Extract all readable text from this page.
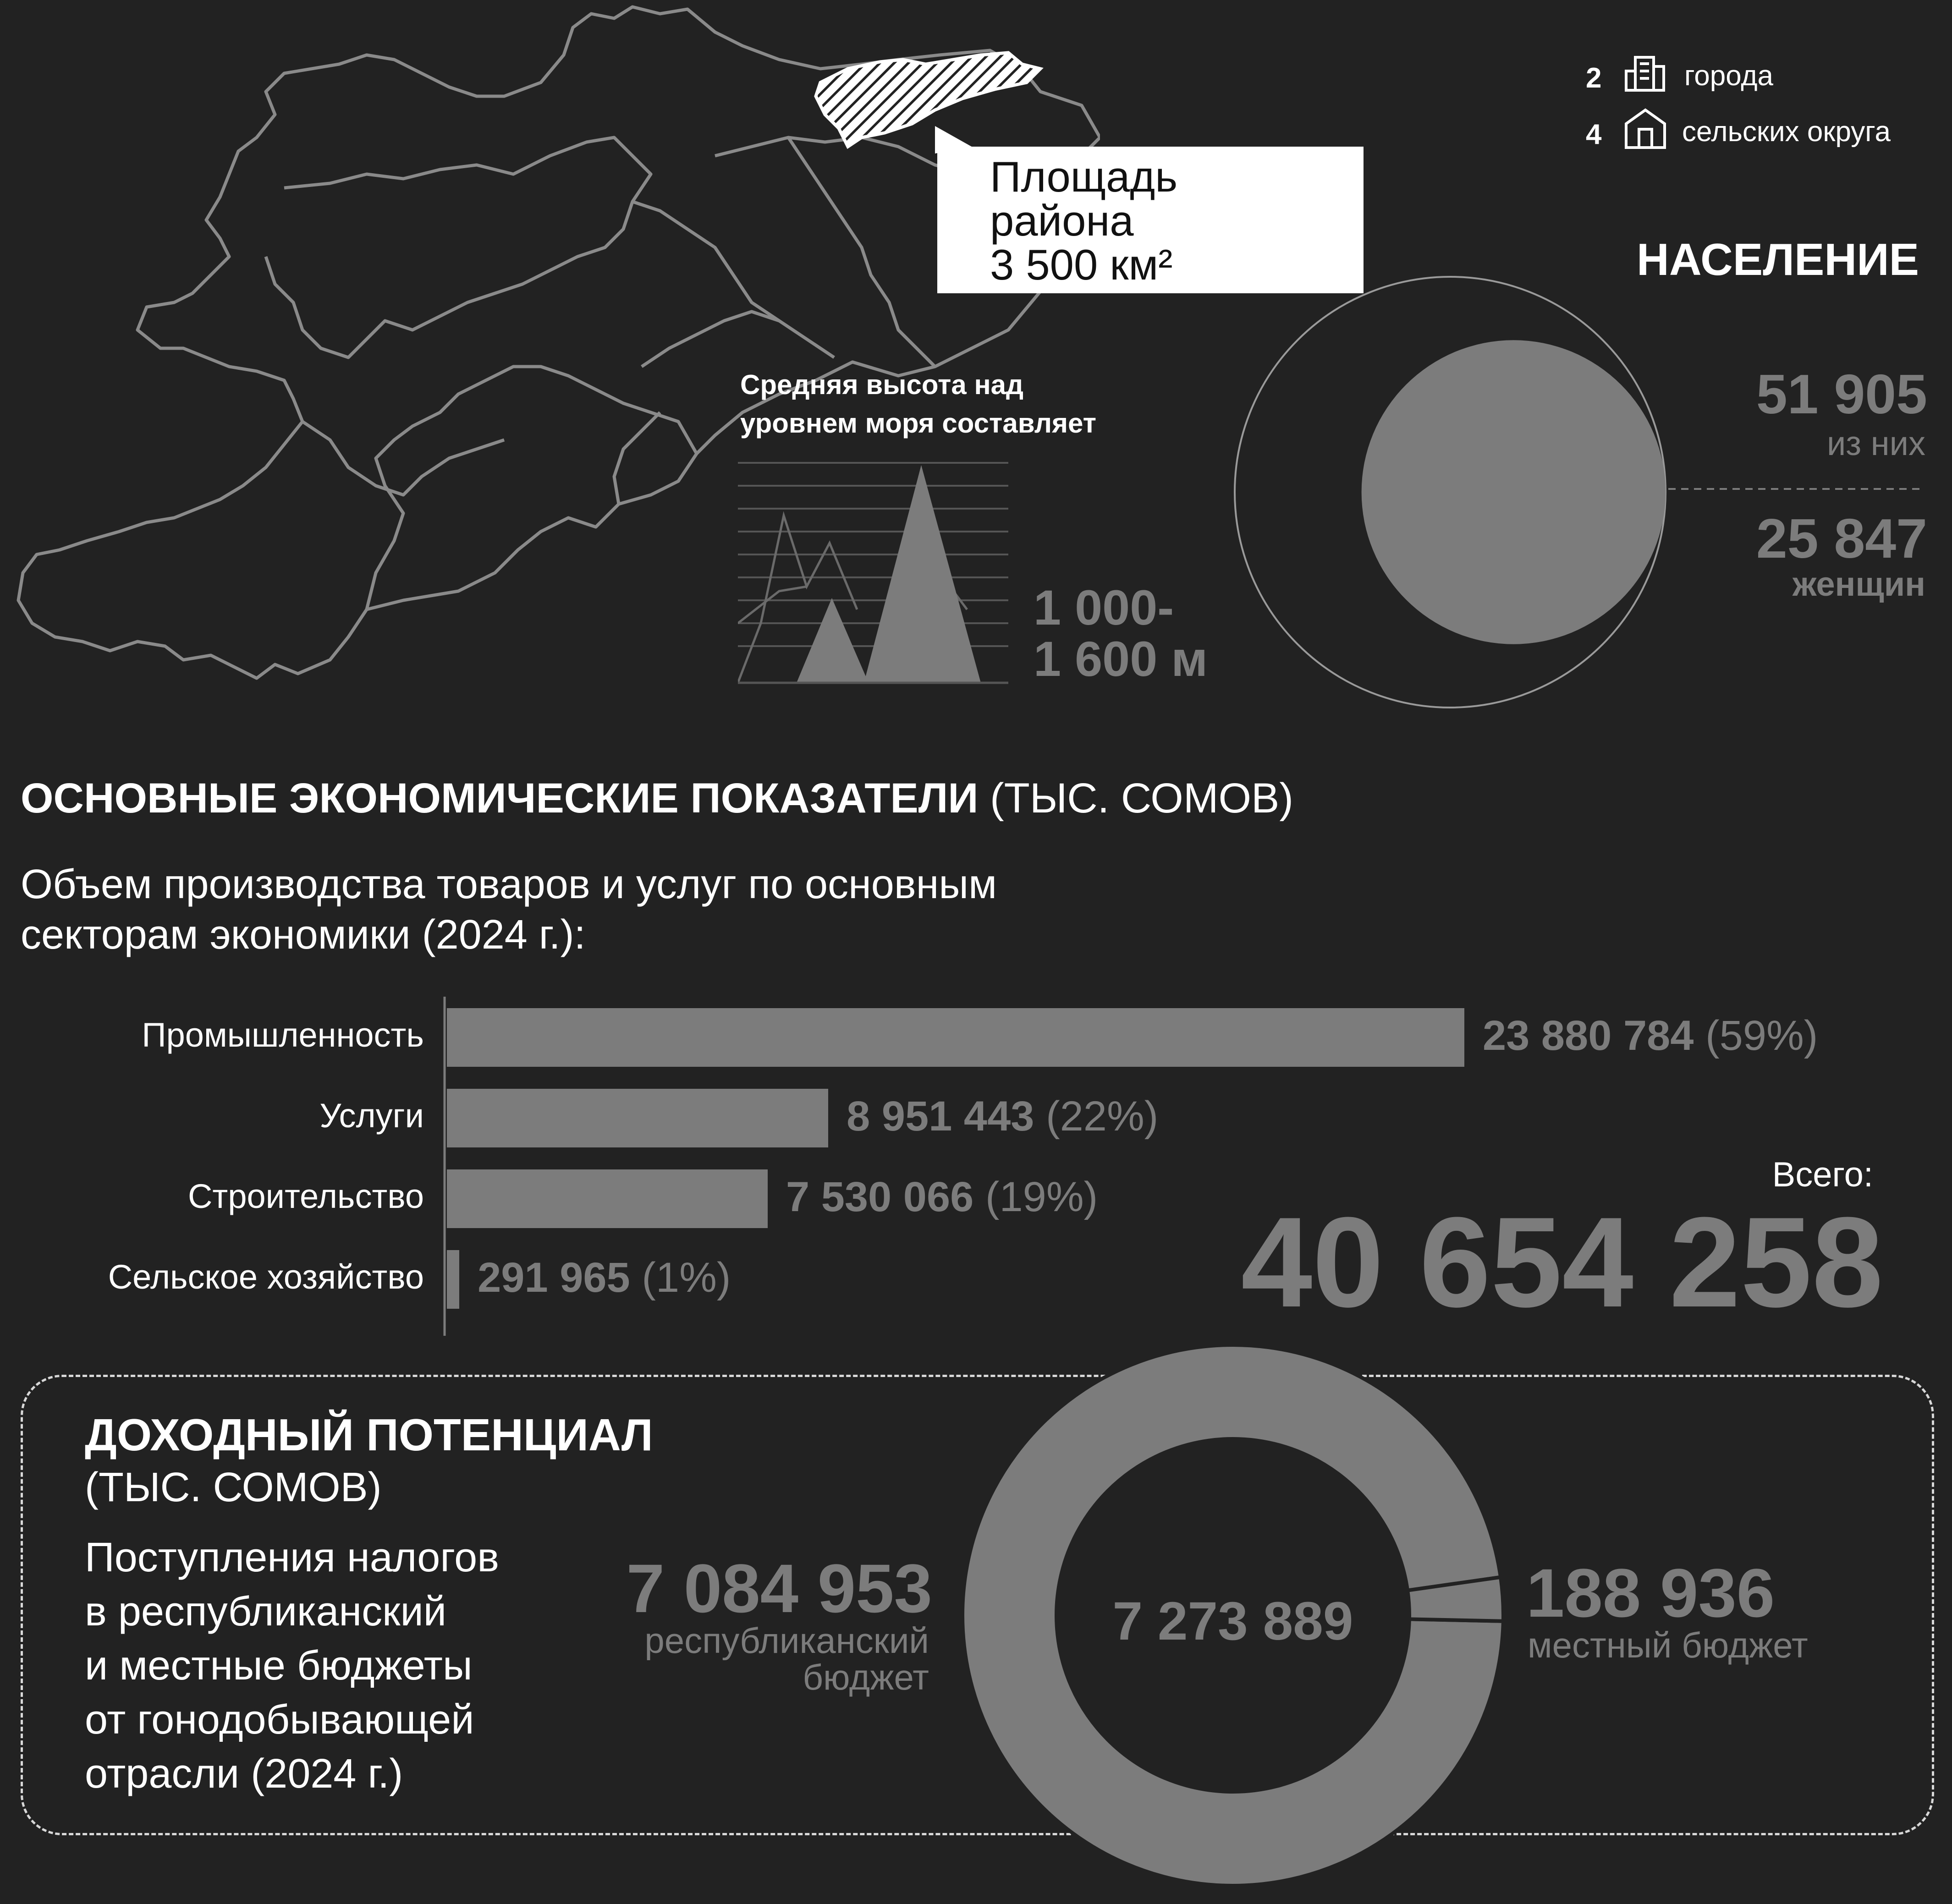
2	города
4	сельских округа
Площадь района
3 500 км²
Средняя высота над
уровнем моря составляет
1 000-
1 600 м
НАСЕЛЕНИЕ
51 905
из них
25 847
женщин
ОСНОВНЫЕ ЭКОНОМИЧЕСКИЕ ПОКАЗАТЕЛИ (ТЫС. СОМОВ)
Объем производства товаров и услуг по основным
секторам экономики (2024 г.):
Промышленность	23 880 784 (59%)
Услуги	8 951 443 (22%)
Строительство	7 530 066 (19%)
Сельское хозяйство 291 965 (1%)
Всего:
40 654 258
ДОХОДНЫЙ ПОТЕНЦИАЛ
(ТЫС. СОМОВ)
Поступления налогов
в республиканский
и местные бюджеты
от гонодобывающей
отрасли (2024 г.)
7 273 889
7 084 953
республиканский
бюджет
188 936
местный бюджет
